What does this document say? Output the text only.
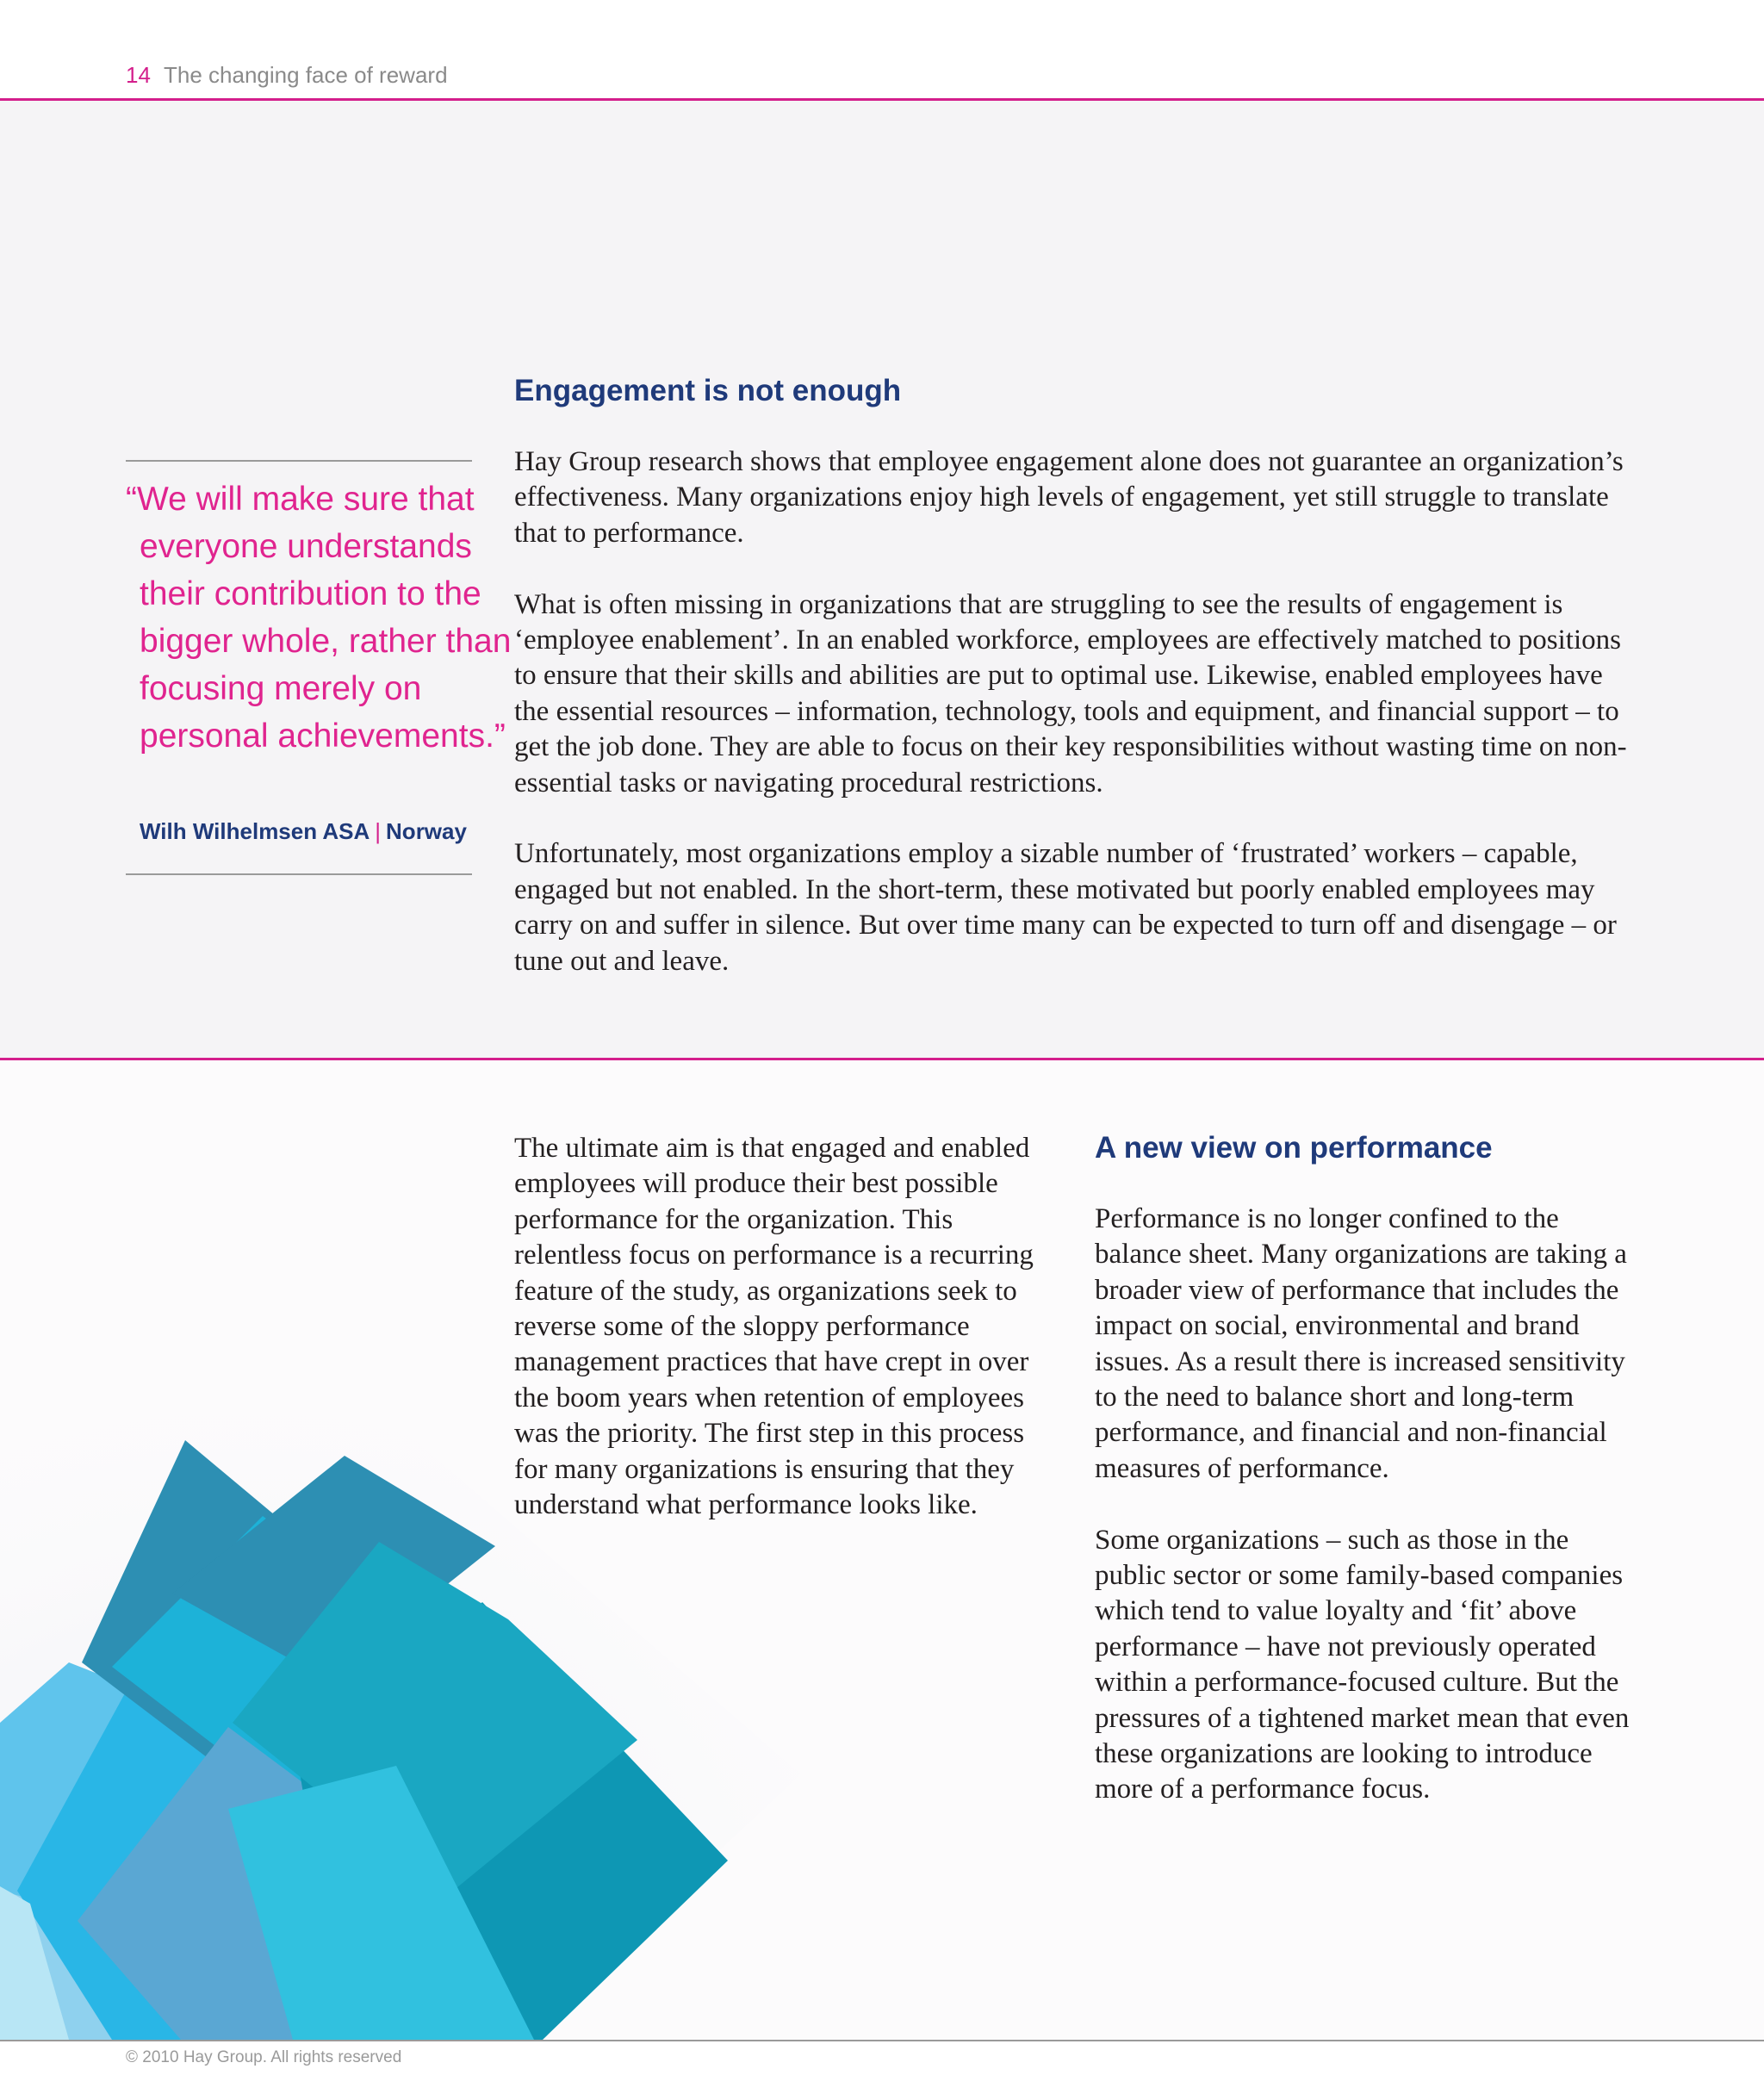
14 The changing face of reward
Engagement is not enough

Hay Group research shows that employee engagement alone does not guarantee an organization’s effectiveness. Many organizations enjoy high levels of engagement, yet still struggle to translate that to performance.

What is often missing in organizations that are struggling to see the results of engagement is ‘employee enablement’. In an enabled workforce, employees are effectively matched to positions to ensure that their skills and abilities are put to optimal use. Likewise, enabled employees have the essential resources – information, technology, tools and equipment, and financial support – to get the job done. They are able to focus on their key responsibilities without wasting time on non-essential tasks or navigating procedural restrictions.

Unfortunately, most organizations employ a sizable number of ‘frustrated’ workers – capable, engaged but not enabled. In the short-term, these motivated but poorly enabled employees may carry on and suffer in silence. But over time many can be expected to turn off and disengage – or tune out and leave.

“We will make sure that everyone understands their contribution to the bigger whole, rather than focusing merely on personal achievements.”
Wilh Wilhelmsen ASA | Norway

The ultimate aim is that engaged and enabled employees will produce their best possible performance for the organization. This relentless focus on performance is a recurring feature of the study, as organizations seek to reverse some of the sloppy performance management practices that have crept in over the boom years when retention of employees was the priority. The first step in this process for many organizations is ensuring that they understand what performance looks like.

A new view on performance

Performance is no longer confined to the balance sheet. Many organizations are taking a broader view of performance that includes the impact on social, environmental and brand issues. As a result there is increased sensitivity to the need to balance short and long-term performance, and financial and non-financial measures of performance.

Some organizations – such as those in the public sector or some family-based companies which tend to value loyalty and ‘fit’ above performance – have not previously operated within a performance-focused culture. But the pressures of a tightened market mean that even these organizations are looking to introduce more of a performance focus.

© 2010 Hay Group. All rights reserved
